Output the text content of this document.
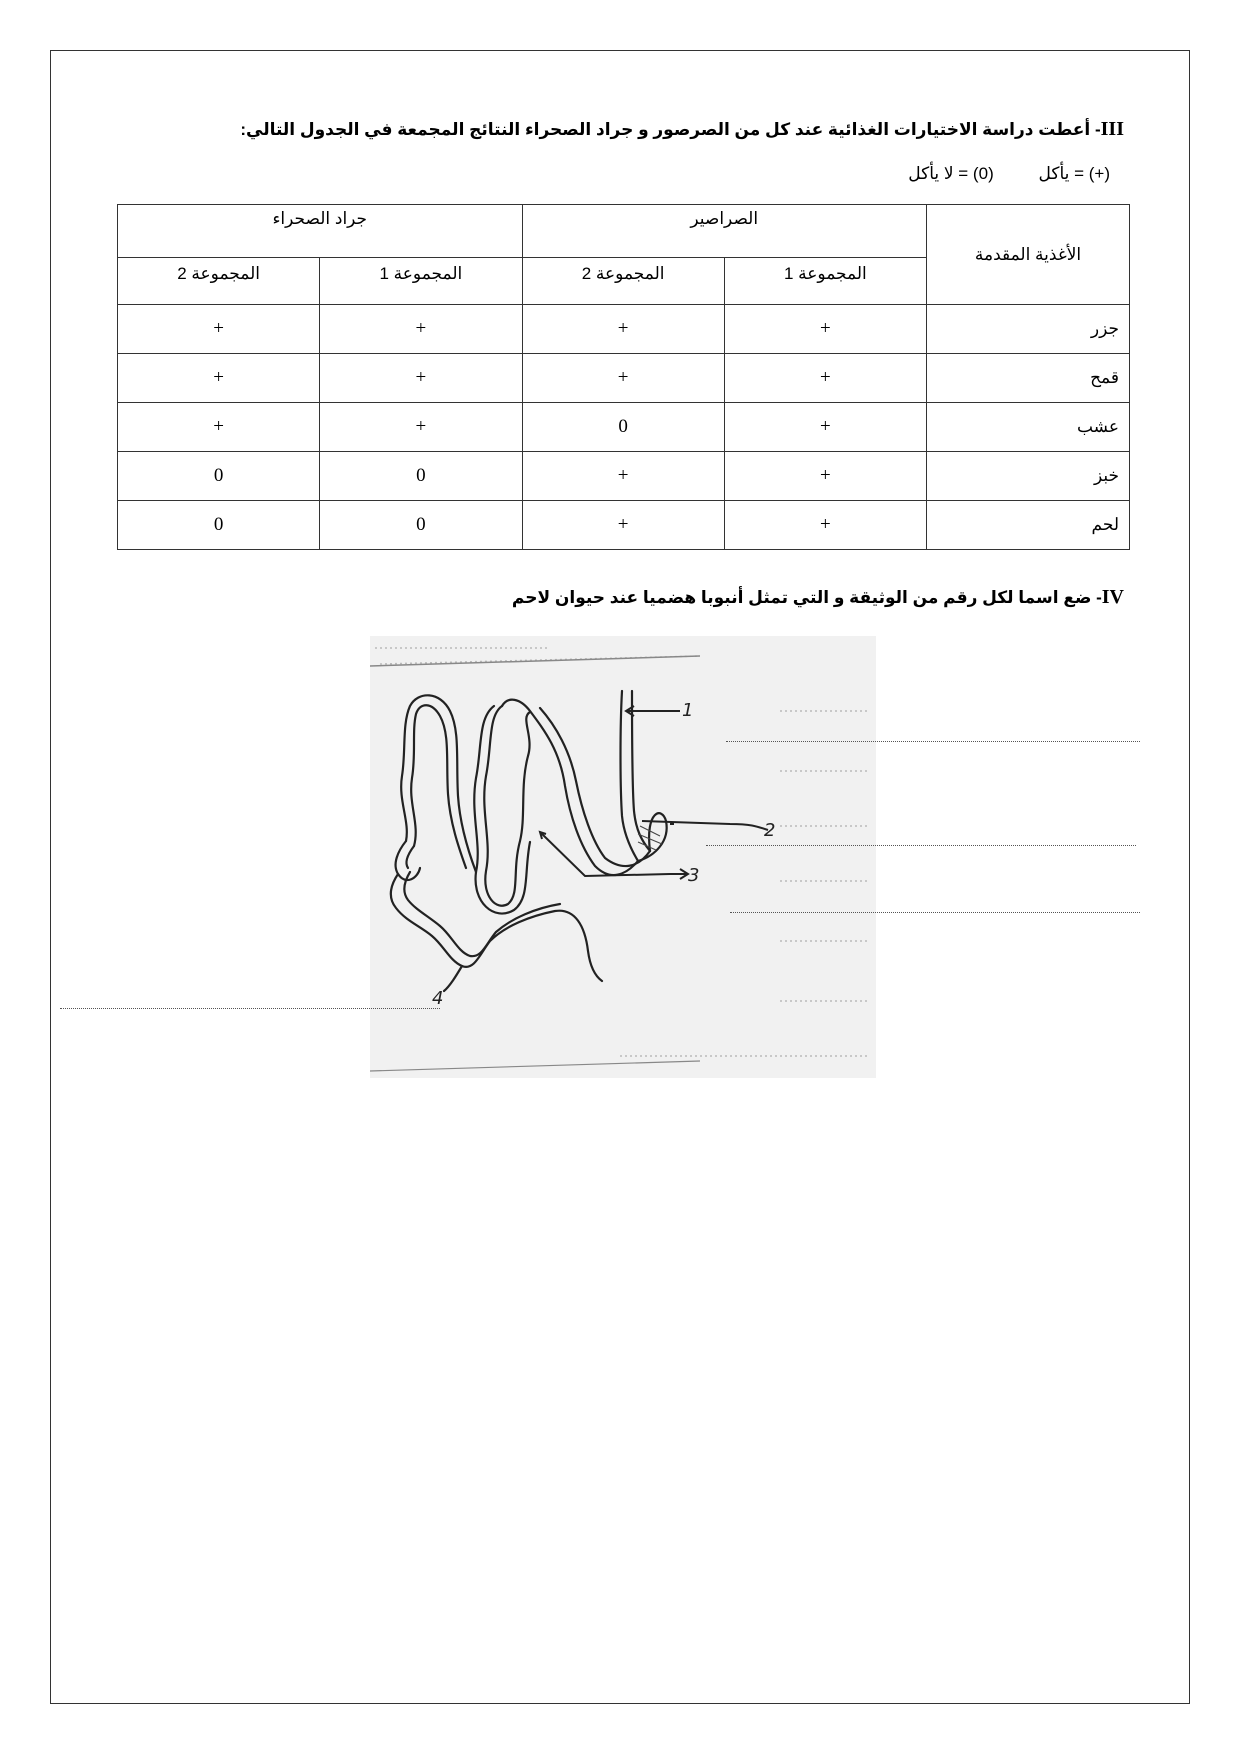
III- أعطت دراسة الاختيارات الغذائية عند كل من الصرصور و جراد الصحراء النتائج المجمعة في الجدول التالي:
(+) = يأكل (0) = لا يأكل
الأغذية المقدمة	الصراصير		جراد الصحراء	
	المجموعة 1	المجموعة 2	المجموعة 1	المجموعة 2
جزر	+	+	+	+
قمح	+	+	+	+
عشب	+	0	+	+
خبز	+	+	0	0
لحم	+	+	0	0
IV- ضع اسما لكل رقم من الوثيقة و التي تمثل أنبوبا هضميا عند حيوان لاحم
1
2
3
4
